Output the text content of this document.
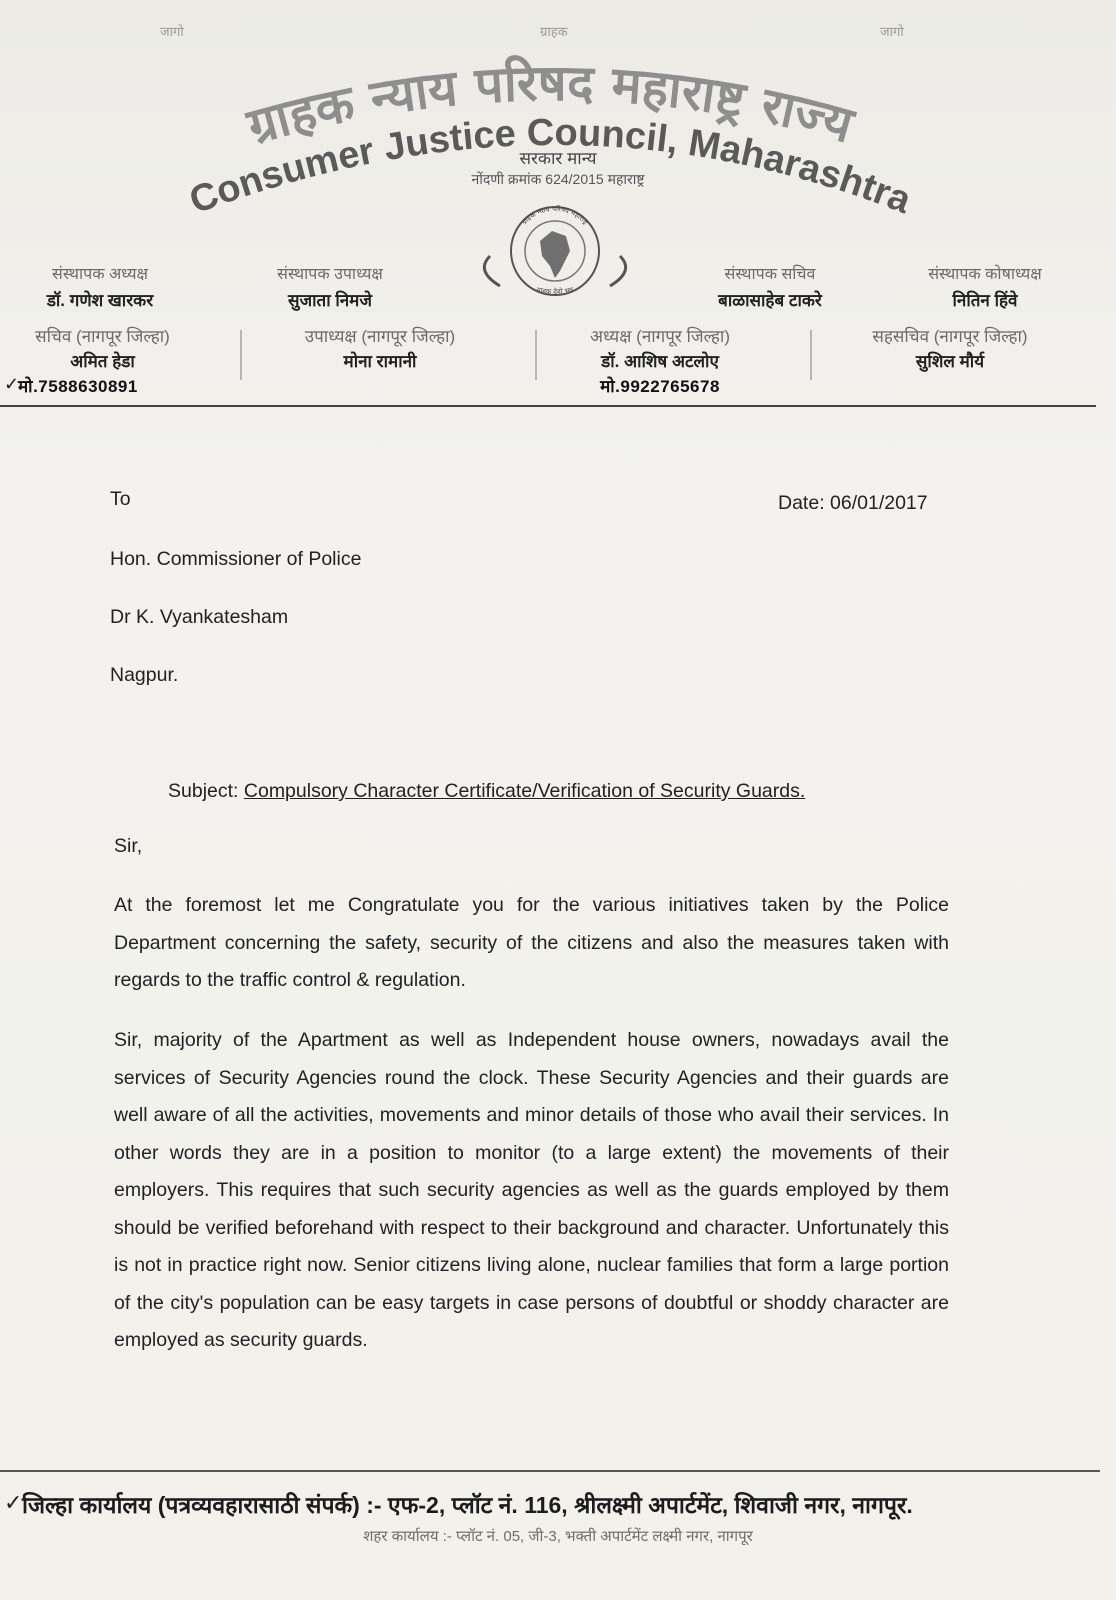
जागो	ग्राहक	जागो
ग्राहक न्याय परिषद महाराष्ट्र राज्य
Consumer Justice Council, Maharashtra
सरकार मान्य
नोंदणी क्रमांक 624/2015 महाराष्ट्र
ग्राहक न्याय परिषद महाराष्ट्र
ग्राहक देवो भव
संस्थापक अध्यक्ष
डॉ. गणेश खारकर
संस्थापक उपाध्यक्ष
सुजाता निमजे
संस्थापक सचिव
बाळासाहेब टाकरे
संस्थापक कोषाध्यक्ष
नितिन हिंवे
सचिव (नागपूर जिल्हा)
अमित हेडा
मो.7588630891
उपाध्यक्ष (नागपूर जिल्हा)
मोना रामानी
अध्यक्ष (नागपूर जिल्हा)
डॉ. आशिष अटलोए
मो.9922765678
सहसचिव (नागपूर जिल्हा)
सुशिल मौर्य
✓
To	Date: 06/01/2017
Hon. Commissioner of Police
Dr K. Vyankatesham
Nagpur.
Subject: Compulsory Character Certificate/Verification of Security Guards.
Sir,
At the foremost let me Congratulate you for the various initiatives taken by the Police Department concerning the safety, security of the citizens and also the measures taken with regards to the traffic control & regulation.
Sir, majority of the Apartment as well as Independent house owners, nowadays avail the services of Security Agencies round the clock. These Security Agencies and their guards are well aware of all the activities, movements and minor details of those who avail their services. In other words they are in a position to monitor (to a large extent) the movements of their employers. This requires that such security agencies as well as the guards employed by them should be verified beforehand with respect to their background and character. Unfortunately this is not in practice right now. Senior citizens living alone, nuclear families that form a large portion of the city's population can be easy targets in case persons of doubtful or shoddy character are employed as security guards.
✓ जिल्हा कार्यालय (पत्रव्यवहारासाठी संपर्क) :- एफ-2, प्लॉट नं. 116, श्रीलक्ष्मी अपार्टमेंट, शिवाजी नगर, नागपूर.
शहर कार्यालय :- प्लॉट नं. 05, जी-3, भक्ती अपार्टमेंट लक्ष्मी नगर, नागपूर
